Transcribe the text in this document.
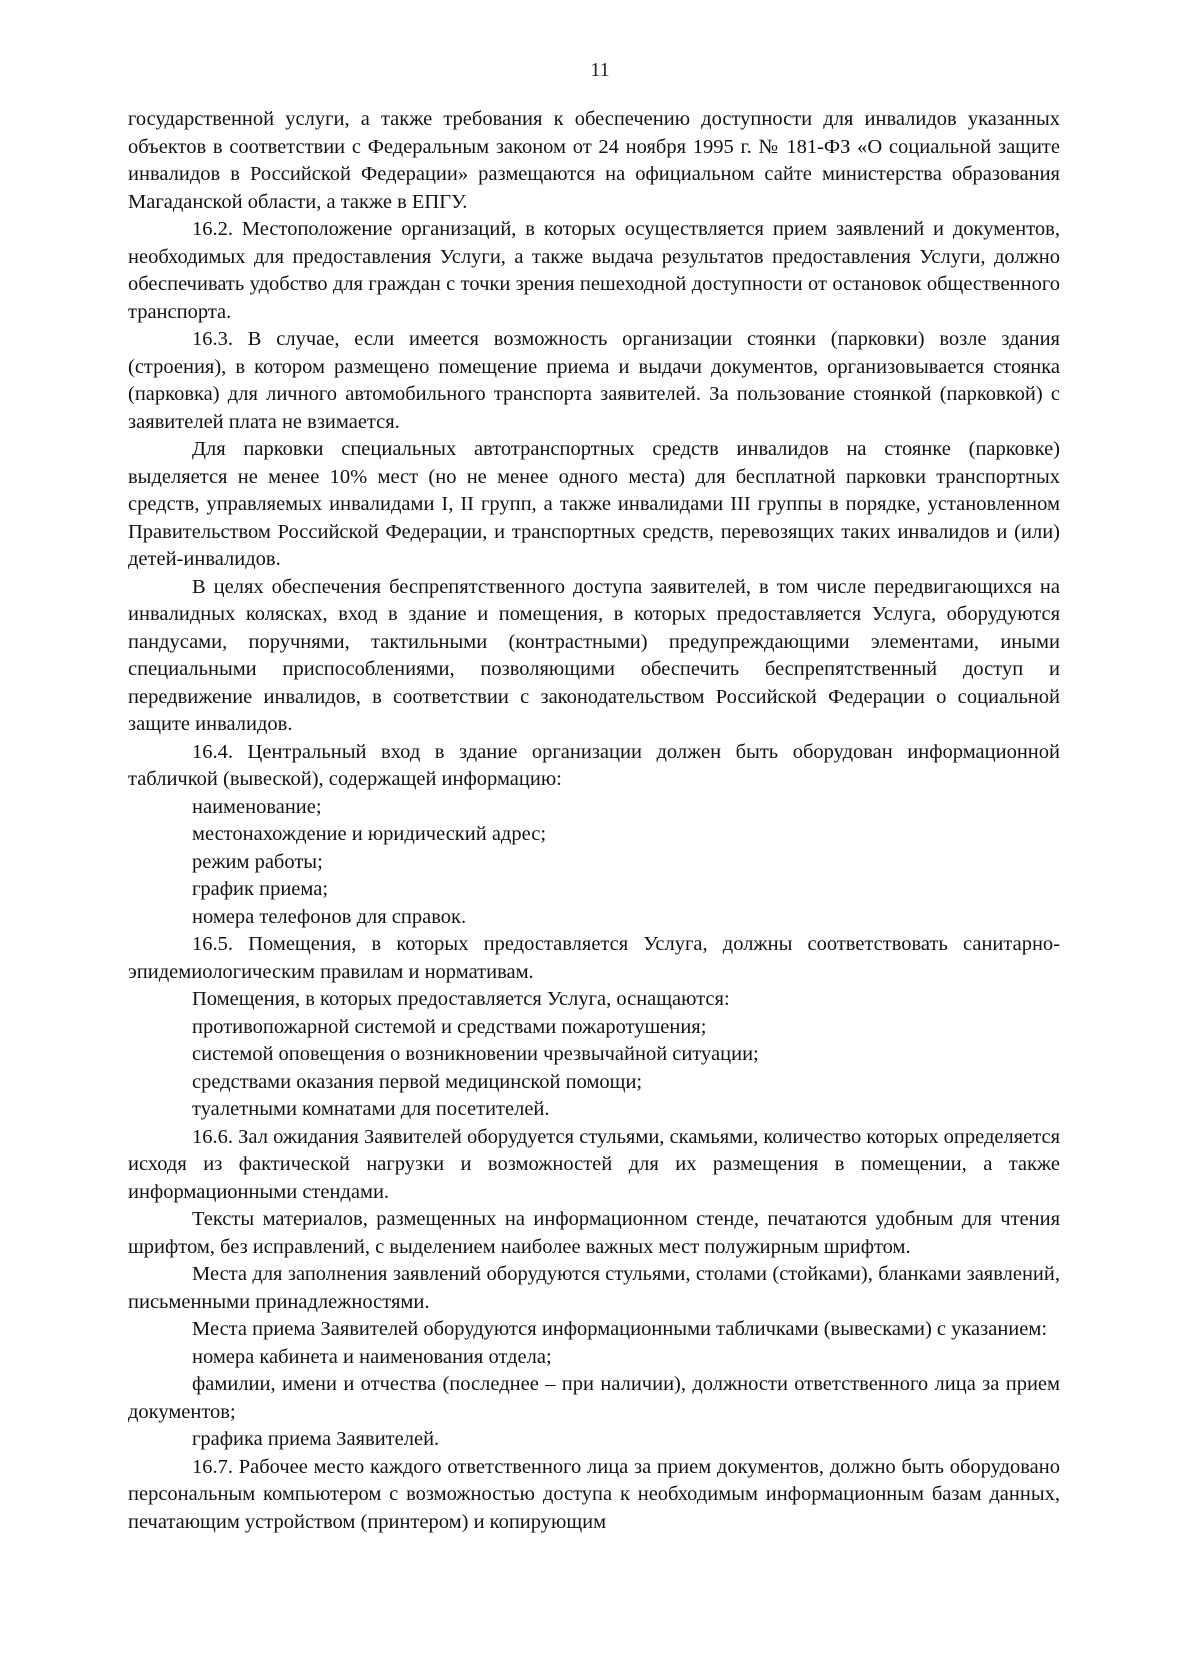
11

государственной услуги, а также требования к обеспечению доступности для инвалидов указанных объектов в соответствии с Федеральным законом от 24 ноября 1995 г. № 181-ФЗ «О социальной защите инвалидов в Российской Федерации» размещаются на официальном сайте министерства образования Магаданской области, а также в ЕПГУ.

16.2. Местоположение организаций, в которых осуществляется прием заявлений и документов, необходимых для предоставления Услуги, а также выдача результатов предоставления Услуги, должно обеспечивать удобство для граждан с точки зрения пешеходной доступности от остановок общественного транспорта.

16.3. В случае, если имеется возможность организации стоянки (парковки) возле здания (строения), в котором размещено помещение приема и выдачи документов, организовывается стоянка (парковка) для личного автомобильного транспорта заявителей. За пользование стоянкой (парковкой) с заявителей плата не взимается.

Для парковки специальных автотранспортных средств инвалидов на стоянке (парковке) выделяется не менее 10% мест (но не менее одного места) для бесплатной парковки транспортных средств, управляемых инвалидами I, II групп, а также инвалидами III группы в порядке, установленном Правительством Российской Федерации, и транспортных средств, перевозящих таких инвалидов и (или) детей-инвалидов.

В целях обеспечения беспрепятственного доступа заявителей, в том числе передвигающихся на инвалидных колясках, вход в здание и помещения, в которых предоставляется Услуга, оборудуются пандусами, поручнями, тактильными (контрастными) предупреждающими элементами, иными специальными приспособлениями, позволяющими обеспечить беспрепятственный доступ и передвижение инвалидов, в соответствии с законодательством Российской Федерации о социальной защите инвалидов.

16.4. Центральный вход в здание организации должен быть оборудован информационной табличкой (вывеской), содержащей информацию:

наименование;

местонахождение и юридический адрес;

режим работы;

график приема;

номера телефонов для справок.

16.5. Помещения, в которых предоставляется Услуга, должны соответствовать санитарно-эпидемиологическим правилам и нормативам.

Помещения, в которых предоставляется Услуга, оснащаются:

противопожарной системой и средствами пожаротушения;

системой оповещения о возникновении чрезвычайной ситуации;

средствами оказания первой медицинской помощи;

туалетными комнатами для посетителей.

16.6. Зал ожидания Заявителей оборудуется стульями, скамьями, количество которых определяется исходя из фактической нагрузки и возможностей для их размещения в помещении, а также информационными стендами.

Тексты материалов, размещенных на информационном стенде, печатаются удобным для чтения шрифтом, без исправлений, с выделением наиболее важных мест полужирным шрифтом.

Места для заполнения заявлений оборудуются стульями, столами (стойками), бланками заявлений, письменными принадлежностями.

Места приема Заявителей оборудуются информационными табличками (вывесками) с указанием:

номера кабинета и наименования отдела;

фамилии, имени и отчества (последнее – при наличии), должности ответственного лица за прием документов;

графика приема Заявителей.

16.7. Рабочее место каждого ответственного лица за прием документов, должно быть оборудовано персональным компьютером с возможностью доступа к необходимым информационным базам данных, печатающим устройством (принтером) и копирующим
